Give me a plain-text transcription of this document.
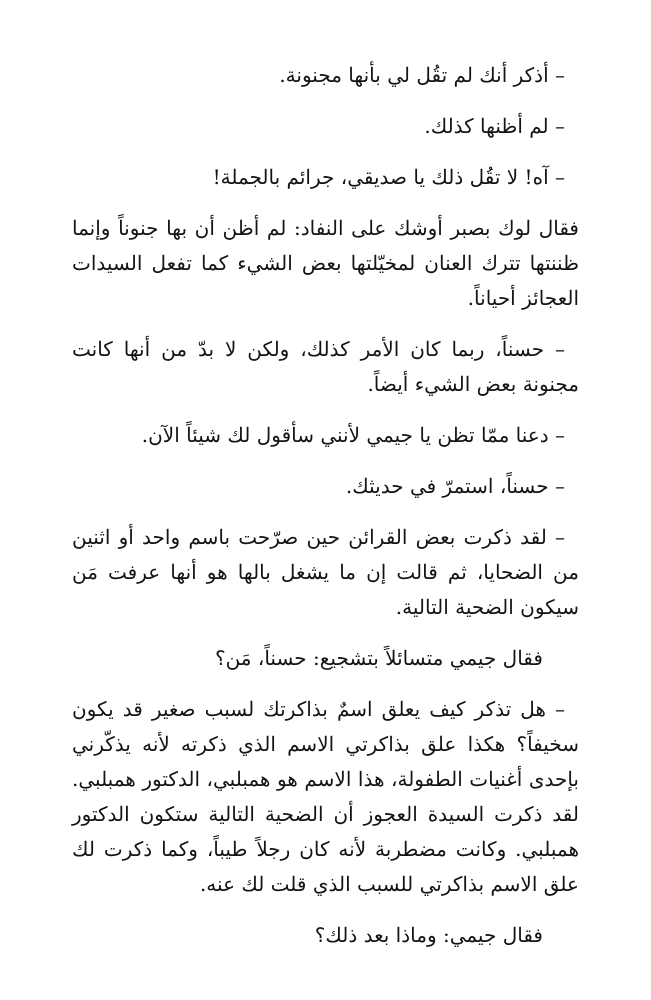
– أذكر أنك لم تقُل لي بأنها مجنونة.

– لم أظنها كذلك.

– آه! لا تقُل ذلك يا صديقي، جرائم بالجملة!

فقال لوك بصبر أوشك على النفاد: لم أظن أن بها جنوناً وإنما ظننتها تترك العنان لمخيّلتها بعض الشيء كما تفعل السيدات العجائز أحياناً.

– حسناً، ربما كان الأمر كذلك، ولكن لا بدّ من أنها كانت مجنونة بعض الشيء أيضاً.

– دعنا ممّا تظن يا جيمي لأنني سأقول لك شيئاً الآن.

– حسناً، استمرّ في حديثك.

– لقد ذكرت بعض القرائن حين صرّحت باسم واحد أو اثنين من الضحايا، ثم قالت إن ما يشغل بالها هو أنها عرفت مَن سيكون الضحية التالية.

فقال جيمي متسائلاً بتشجيع: حسناً، مَن؟

– هل تذكر كيف يعلق اسمٌ بذاكرتك لسبب صغير قد يكون سخيفاً؟ هكذا علق بذاكرتي الاسم الذي ذكرته لأنه يذكّرني بإحدى أغنيات الطفولة، هذا الاسم هو همبلبي، الدكتور همبلبي. لقد ذكرت السيدة العجوز أن الضحية التالية ستكون الدكتور همبلبي. وكانت مضطربة لأنه كان رجلاً طيباً، وكما ذكرت لك علق الاسم بذاكرتي للسبب الذي قلت لك عنه.

فقال جيمي: وماذا بعد ذلك؟
